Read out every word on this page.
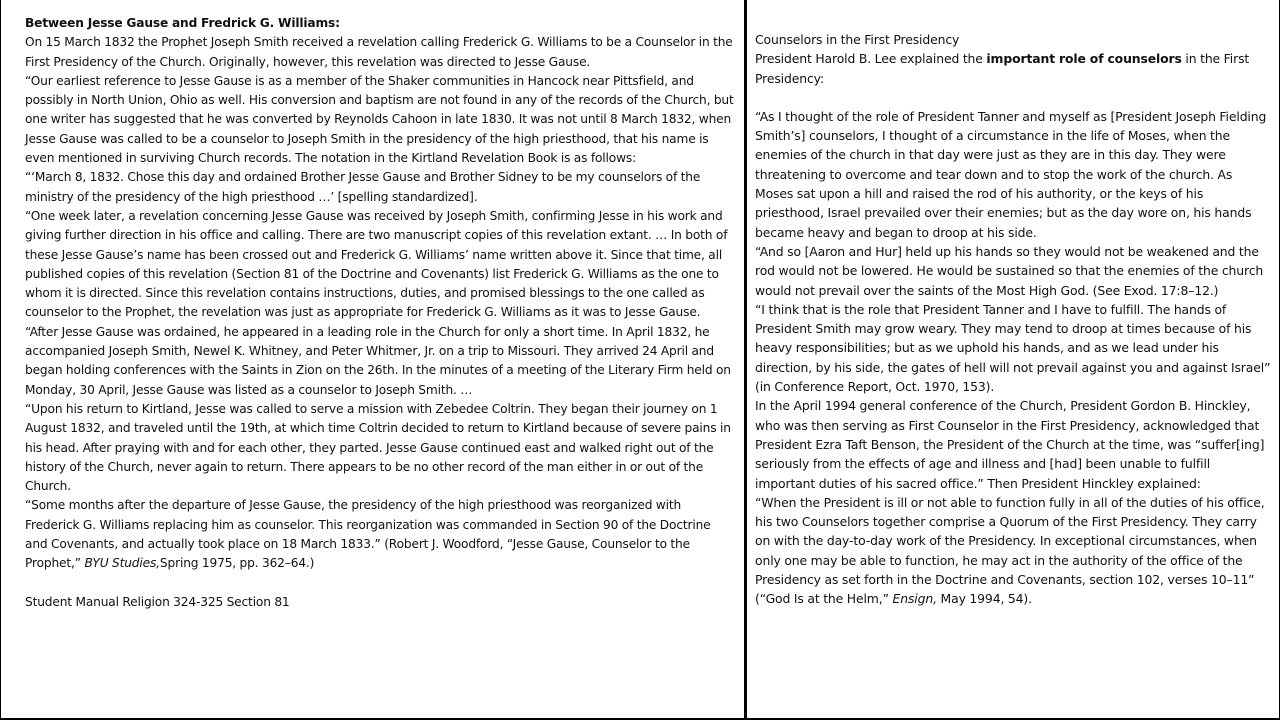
Between Jesse Gause and Fredrick G. Williams:

On 15 March 1832 the Prophet Joseph Smith received a revelation calling Frederick G. Williams to be a Counselor in the First Presidency of the Church. Originally, however, this revelation was directed to Jesse Gause.

“Our earliest reference to Jesse Gause is as a member of the Shaker communities in Hancock near Pittsfield, and possibly in North Union, Ohio as well. His conversion and baptism are not found in any of the records of the Church, but one writer has suggested that he was converted by Reynolds Cahoon in late 1830. It was not until 8 March 1832, when Jesse Gause was called to be a counselor to Joseph Smith in the presidency of the high priesthood, that his name is even mentioned in surviving Church records. The notation in the Kirtland Revelation Book is as follows:

“‘March 8, 1832. Chose this day and ordained Brother Jesse Gause and Brother Sidney to be my counselors of the ministry of the presidency of the high priesthood …’ [spelling standardized].

“One week later, a revelation concerning Jesse Gause was received by Joseph Smith, confirming Jesse in his work and giving further direction in his office and calling. There are two manuscript copies of this revelation extant. … In both of these Jesse Gause’s name has been crossed out and Frederick G. Williams’ name written above it. Since that time, all published copies of this revelation (Section 81 of the Doctrine and Covenants) list Frederick G. Williams as the one to whom it is directed. Since this revelation contains instructions, duties, and promised blessings to the one called as counselor to the Prophet, the revelation was just as appropriate for Frederick G. Williams as it was to Jesse Gause.

“After Jesse Gause was ordained, he appeared in a leading role in the Church for only a short time. In April 1832, he accompanied Joseph Smith, Newel K. Whitney, and Peter Whitmer, Jr. on a trip to Missouri. They arrived 24 April and began holding conferences with the Saints in Zion on the 26th. In the minutes of a meeting of the Literary Firm held on Monday, 30 April, Jesse Gause was listed as a counselor to Joseph Smith. …

“Upon his return to Kirtland, Jesse was called to serve a mission with Zebedee Coltrin. They began their journey on 1 August 1832, and traveled until the 19th, at which time Coltrin decided to return to Kirtland because of severe pains in his head. After praying with and for each other, they parted. Jesse Gause continued east and walked right out of the history of the Church, never again to return. There appears to be no other record of the man either in or out of the Church.

“Some months after the departure of Jesse Gause, the presidency of the high priesthood was reorganized with Frederick G. Williams replacing him as counselor. This reorganization was commanded in Section 90 of the Doctrine and Covenants, and actually took place on 18 March 1833.” (Robert J. Woodford, “Jesse Gause, Counselor to the Prophet,” BYU Studies,Spring 1975, pp. 362–64.)

Student Manual Religion 324-325 Section 81

Counselors in the First Presidency

President Harold B. Lee explained the important role of counselors in the First Presidency:

“As I thought of the role of President Tanner and myself as [President Joseph Fielding Smith’s] counselors, I thought of a circumstance in the life of Moses, when the enemies of the church in that day were just as they are in this day. They were threatening to overcome and tear down and to stop the work of the church. As Moses sat upon a hill and raised the rod of his authority, or the keys of his priesthood, Israel prevailed over their enemies; but as the day wore on, his hands became heavy and began to droop at his side.

“And so [Aaron and Hur] held up his hands so they would not be weakened and the rod would not be lowered. He would be sustained so that the enemies of the church would not prevail over the saints of the Most High God. (See Exod. 17:8–12.)

“I think that is the role that President Tanner and I have to fulfill. The hands of President Smith may grow weary. They may tend to droop at times because of his heavy responsibilities; but as we uphold his hands, and as we lead under his direction, by his side, the gates of hell will not prevail against you and against Israel” (in Conference Report, Oct. 1970, 153).

In the April 1994 general conference of the Church, President Gordon B. Hinckley, who was then serving as First Counselor in the First Presidency, acknowledged that President Ezra Taft Benson, the President of the Church at the time, was “suffer[ing] seriously from the effects of age and illness and [had] been unable to fulfill important duties of his sacred office.” Then President Hinckley explained:

“When the President is ill or not able to function fully in all of the duties of his office, his two Counselors together comprise a Quorum of the First Presidency. They carry on with the day-to-day work of the Presidency. In exceptional circumstances, when only one may be able to function, he may act in the authority of the office of the Presidency as set forth in the Doctrine and Covenants, section 102, verses 10–11” (“God Is at the Helm,” Ensign, May 1994, 54).
